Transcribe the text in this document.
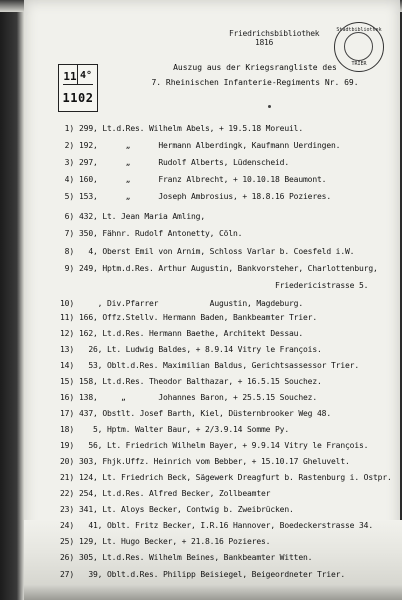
Friedrichsbibliothek
1816
Stadtbibliothek
TRIER
11 4°
1102
Auszug aus der Kriegsrangliste des
7. Rheinischen Infanterie-Regiments Nr. 69.
1) 299, Lt.d.Res. Wilhelm Abels, + 19.5.18 Moreuil.
2) 192,      „      Hermann Alberdingk, Kaufmann Uerdingen.
3) 297,      „      Rudolf Alberts, Lüdenscheid.
4) 160,      „      Franz Albrecht, + 10.10.18 Beaumont.
5) 153,      „      Joseph Ambrosius, + 18.8.16 Pozieres.
6) 432, Lt. Jean Maria Amling,
7) 350, Fähnr. Rudolf Antonetty, Cöln.
8) 4, Oberst Emil von Arnim, Schloss Varlar b. Coesfeld i.W.
9) 249, Hptm.d.Res. Arthur Augustin, Bankvorsteher, Charlottenburg,
Friedericistrasse 5.
10) , Div.Pfarrer           Augustin, Magdeburg.
11) 166, Offz.Stellv. Hermann Baden, Bankbeamter Trier.
12) 162, Lt.d.Res. Hermann Baethe, Architekt Dessau.
13) 26, Lt. Ludwig Baldes, + 8.9.14 Vitry le François.
14) 53, Oblt.d.Res. Maximilian Baldus, Gerichtsassessor Trier.
15) 158, Lt.d.Res. Theodor Balthazar, + 16.5.15 Souchez.
16) 138,     „       Johannes Baron, + 25.5.15 Souchez.
17) 437, Obstlt. Josef Barth, Kiel, Düsternbrooker Weg 48.
18) 5, Hptm. Walter Baur, + 2/3.9.14 Somme Py.
19) 56, Lt. Friedrich Wilhelm Bayer, + 9.9.14 Vitry le François.
20) 303, Fhjk.Uffz. Heinrich vom Bebber, + 15.10.17 Gheluvelt.
21) 124, Lt. Friedrich Beck, Sägewerk Dreagfurt b. Rastenburg i. Ostpr.
22) 254, Lt.d.Res. Alfred Becker, Zollbeamter
23) 341, Lt. Aloys Becker, Contwig b. Zweibrücken.
24) 41, Oblt. Fritz Becker, I.R.16 Hannover, Boedeckerstrasse 34.
25) 129, Lt. Hugo Becker, + 21.8.16 Pozieres.
26) 305, Lt.d.Res. Wilhelm Beines, Bankbeamter Witten.
27) 39, Oblt.d.Res. Philipp Beisiegel, Beigeordneter Trier.
